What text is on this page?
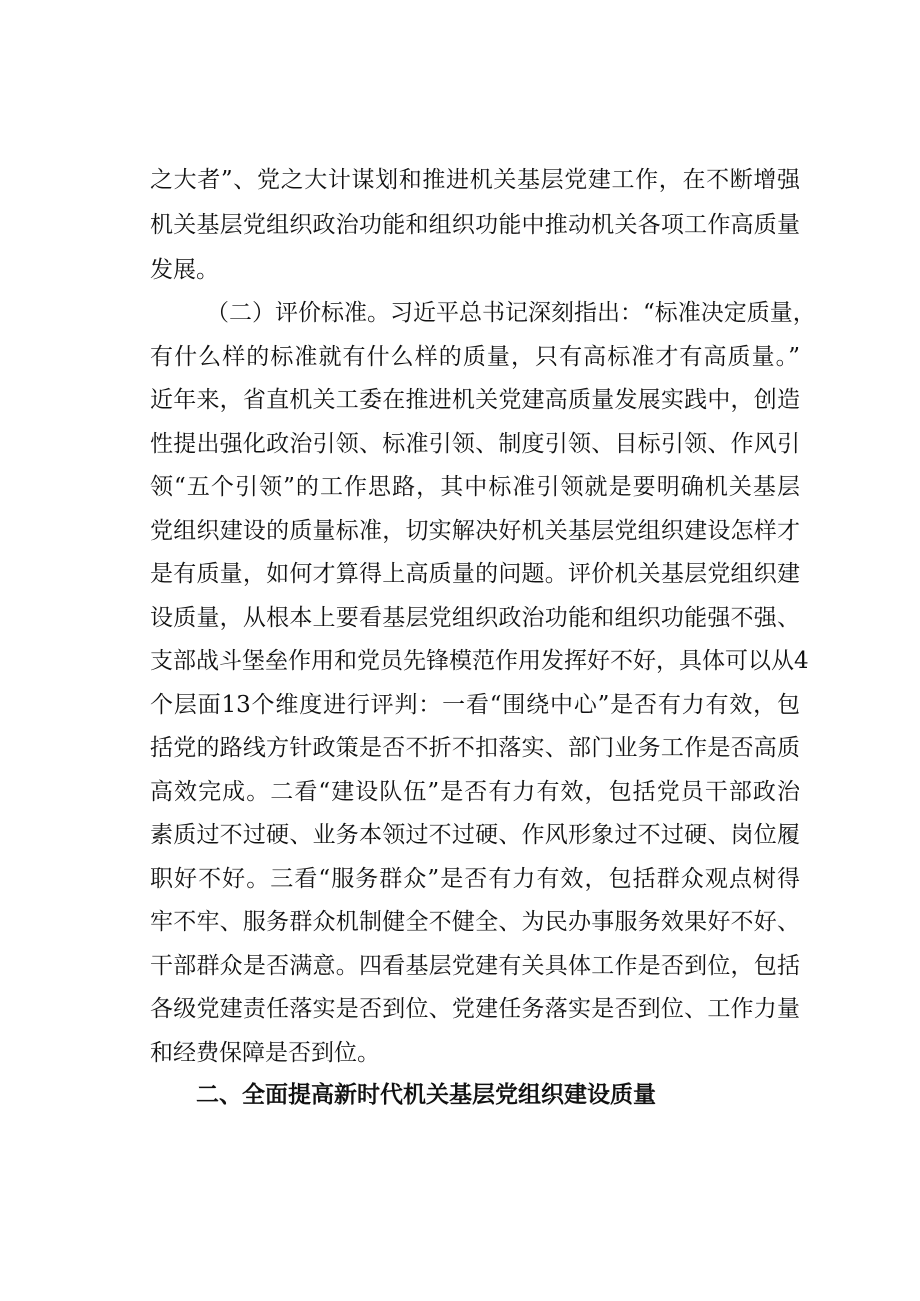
之大者”、党之大计谋划和推进机关基层党建工作，在不断增强
机关基层党组织政治功能和组织功能中推动机关各项工作高质量
发展。
二、全面提高新时代机关基层党组织建设质量
（二）评价标准。习近平总书记深刻指出：“标准决定质量，
有什么样的标准就有什么样的质量，只有高标准才有高质量。”
近年来，省直机关工委在推进机关党建高质量发展实践中，创造
性提出强化政治引领、标准引领、制度引领、目标引领、作风引
领“五个引领”的工作思路，其中标准引领就是要明确机关基层
党组织建设的质量标准，切实解决好机关基层党组织建设怎样才
是有质量，如何才算得上高质量的问题。评价机关基层党组织建
设质量，从根本上要看基层党组织政治功能和组织功能强不强、
支部战斗堡垒作用和党员先锋模范作用发挥好不好，具体可以从4
个层面13个维度进行评判：一看“围绕中心”是否有力有效，包
括党的路线方针政策是否不折不扣落实、部门业务工作是否高质
高效完成。二看“建设队伍”是否有力有效，包括党员干部政治
素质过不过硬、业务本领过不过硬、作风形象过不过硬、岗位履
职好不好。三看“服务群众”是否有力有效，包括群众观点树得
牢不牢、服务群众机制健全不健全、为民办事服务效果好不好、
干部群众是否满意。四看基层党建有关具体工作是否到位，包括
各级党建责任落实是否到位、党建任务落实是否到位、工作力量
和经费保障是否到位。
